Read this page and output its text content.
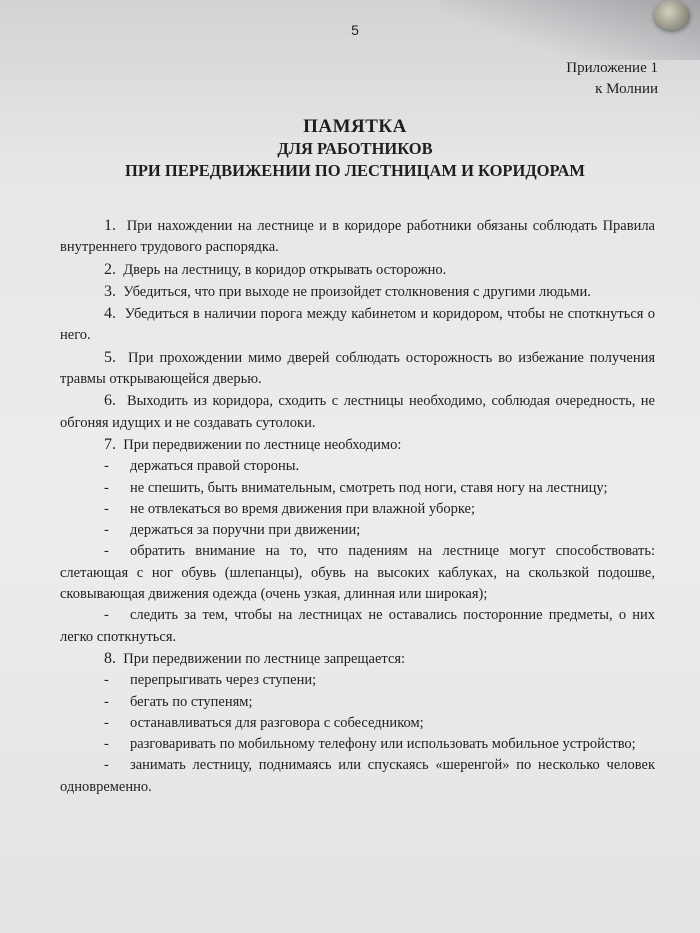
5
Приложение 1
к Молнии
ПАМЯТКА
ДЛЯ РАБОТНИКОВ
ПРИ ПЕРЕДВИЖЕНИИ ПО ЛЕСТНИЦАМ И КОРИДОРАМ

1. При нахождении на лестнице и в коридоре работники обязаны соблюдать Правила внутреннего трудового распорядка.

2. Дверь на лестницу, в коридор открывать осторожно.

3. Убедиться, что при выходе не произойдет столкновения с другими людьми.

4. Убедиться в наличии порога между кабинетом и коридором, чтобы не споткнуться о него.

5. При прохождении мимо дверей соблюдать осторожность во избежание получения травмы открывающейся дверью.

6. Выходить из коридора, сходить с лестницы необходимо, соблюдая очередность, не обгоняя идущих и не создавать сутолоки.

7. При передвижении по лестнице необходимо:

- держаться правой стороны.

- не спешить, быть внимательным, смотреть под ноги, ставя ногу на лестницу;

- не отвлекаться во время движения при влажной уборке;

- держаться за поручни при движении;

- обратить внимание на то, что падениям на лестнице могут способствовать: слетающая с ног обувь (шлепанцы), обувь на высоких каблуках, на скользкой подошве, сковывающая движения одежда (очень узкая, длинная или широкая);

- следить за тем, чтобы на лестницах не оставались посторонние предметы, о них легко споткнуться.

8. При передвижении по лестнице запрещается:

- перепрыгивать через ступени;

- бегать по ступеням;

- останавливаться для разговора с собеседником;

- разговаривать по мобильному телефону или использовать мобильное устройство;

- занимать лестницу, поднимаясь или спускаясь «шеренгой» по несколько человек одновременно.
